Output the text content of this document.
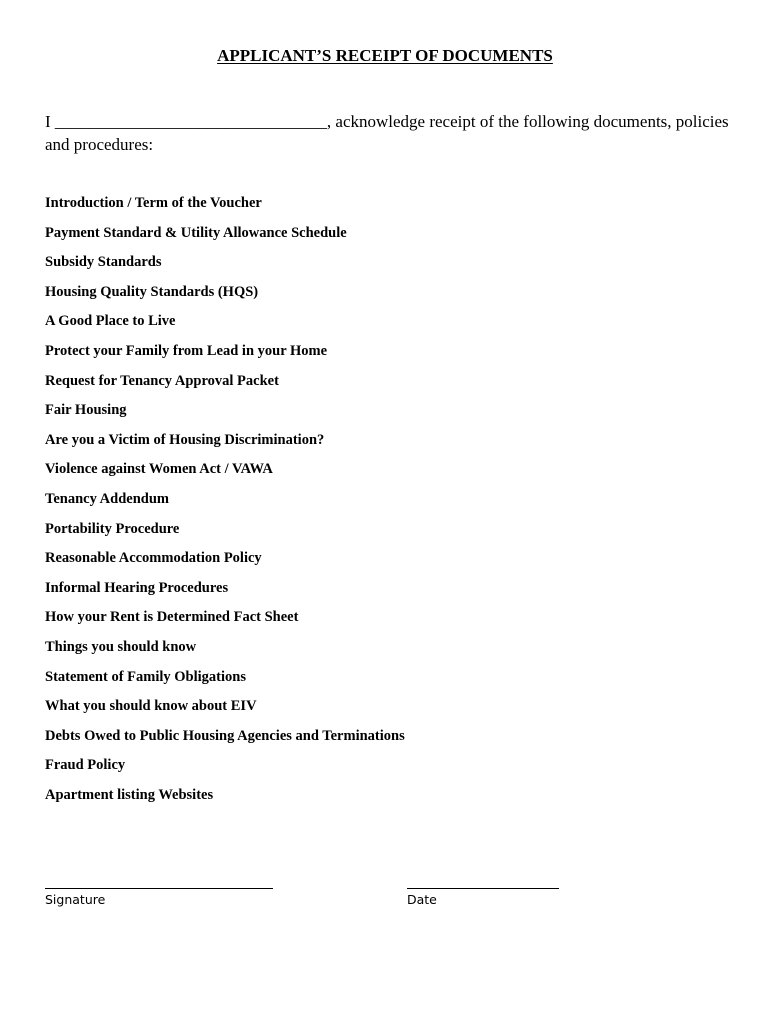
APPLICANT’S RECEIPT OF DOCUMENTS
I ________________________________, acknowledge receipt of the following documents, policies and procedures:
Introduction / Term of the Voucher
Payment Standard & Utility Allowance Schedule
Subsidy Standards
Housing Quality Standards (HQS)
A Good Place to Live
Protect your Family from Lead in your Home
Request for Tenancy Approval Packet
Fair Housing
Are you a Victim of Housing Discrimination?
Violence against Women Act / VAWA
Tenancy Addendum
Portability Procedure
Reasonable Accommodation Policy
Informal Hearing Procedures
How your Rent is Determined Fact Sheet
Things you should know
Statement of Family Obligations
What you should know about EIV
Debts Owed to Public Housing Agencies and Terminations
Fraud Policy
Apartment listing Websites
Signature	Date
